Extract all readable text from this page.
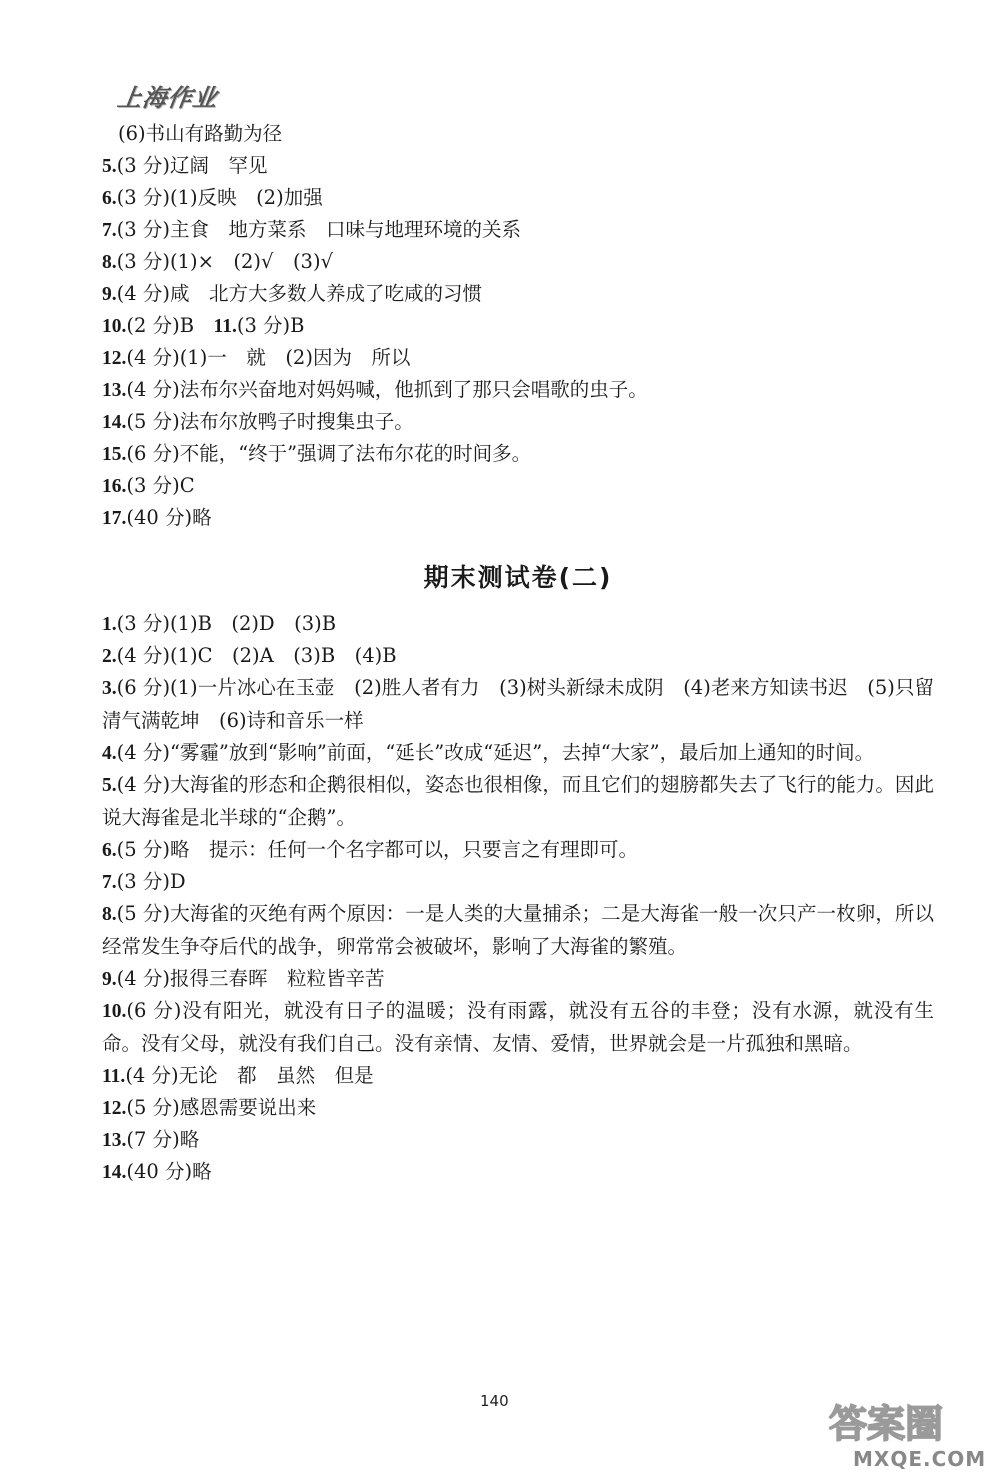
上海作业
(6)书山有路勤为径
5.(3 分)辽阔　罕见
6.(3 分)(1)反映　(2)加强
7.(3 分)主食　地方菜系　口味与地理环境的关系
8.(3 分)(1)×　(2)√　(3)√
9.(4 分)咸　北方大多数人养成了吃咸的习惯
10.(2 分)B　11.(3 分)B
12.(4 分)(1)一　就　(2)因为　所以
13.(4 分)法布尔兴奋地对妈妈喊，他抓到了那只会唱歌的虫子。
14.(5 分)法布尔放鸭子时搜集虫子。
15.(6 分)不能，“终于”强调了法布尔花的时间多。
16.(3 分)C
17.(40 分)略
期末测试卷(二)
1.(3 分)(1)B　(2)D　(3)B
2.(4 分)(1)C　(2)A　(3)B　(4)B
3.(6 分)(1)一片冰心在玉壶　(2)胜人者有力　(3)树头新绿未成阴　(4)老来方知读书迟　(5)只留清气满乾坤　(6)诗和音乐一样
4.(4 分)“雾霾”放到“影响”前面，“延长”改成“延迟”，去掉“大家”，最后加上通知的时间。
5.(4 分)大海雀的形态和企鹅很相似，姿态也很相像，而且它们的翅膀都失去了飞行的能力。因此说大海雀是北半球的“企鹅”。
6.(5 分)略　提示：任何一个名字都可以，只要言之有理即可。
7.(3 分)D
8.(5 分)大海雀的灭绝有两个原因：一是人类的大量捕杀；二是大海雀一般一次只产一枚卵，所以经常发生争夺后代的战争，卵常常会被破坏，影响了大海雀的繁殖。
9.(4 分)报得三春晖　粒粒皆辛苦
10.(6 分)没有阳光，就没有日子的温暖；没有雨露，就没有五谷的丰登；没有水源，就没有生命。没有父母，就没有我们自己。没有亲情、友情、爱情，世界就会是一片孤独和黑暗。
11.(4 分)无论　都　虽然　但是
12.(5 分)感恩需要说出来
13.(7 分)略
14.(40 分)略
140
答案圈
MXQE.COM
